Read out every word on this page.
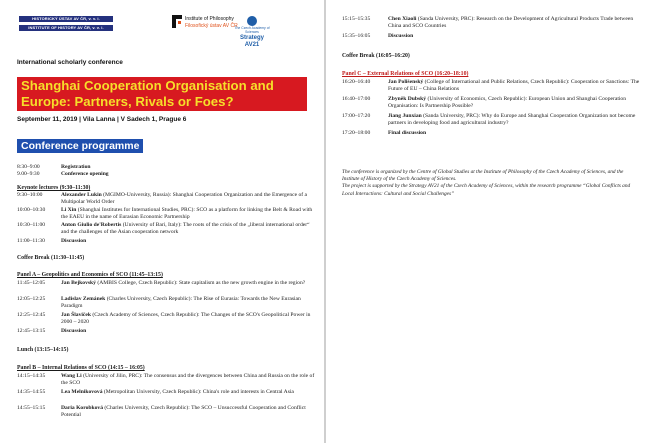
HISTORICKÝ ÚSTAV AV ČR, v. v. i.
INSTITUTE OF HISTORY AV ČR, v. v. i.
Institute of Philosophy
Filosofický ústav AV ČR
The Czech Academy of Sciences
Strategy AV21
International scholarly conference
Shanghai Cooperation Organisation and Europe: Partners, Rivals or Foes?
September 11, 2019 | Vila Lanna | V Sadech 1, Prague 6
Conference programme
8:30–9:00	Registration
9.00–9:30	Conference opening
Keynote lectures (9:30–11:30)
9:30–10:00	Alexander Lukin (MGIMO-University, Russia): Shanghai Cooperation Organization and the Emergence of a Multipolar World Order
10:00–10:30	Li Xin (Shanghai Institutes for International Studies, PRC): SCO as a platform for linking the Belt & Road with the EAEU in the name of Eurasian Economic Partnership
10:30–11:00	Anton Giulio de'Robertis (University of Bari, Italy): The roots of the crisis of the „liberal international order“ and the challenges of the Asian cooperation network
11:00–11:30	Discussion
Coffee Break (11:30–11:45)
Panel A – Geopolitics and Economics of SCO (11:45–13:15)
11:45–12:05	Jan Bejkovský (AMBIS College, Czech Republic): State capitalism as the new growth engine in the region?
12:05–12:25	Ladislav Zemánek (Charles University, Czech Republic): The Rise of Eurasia: Towards the New Eurasian Paradigm
12:25–12:45	Jan Šlaviček (Czech Academy of Sciences, Czech Republic): The Changes of the SCO's Geopolitical Power in 2000 – 2020
12:45–13:15	Discussion
Lunch (13:15–14:15)
Panel B – Internal Relations of SCO (14:15 – 16:05)
14:15–14:35	Wang Li (University of Jilin, PRC): The consensus and the divergences between China and Russia on the role of the SCO
14:35–14:55	Lea Melnikovová (Metropolitan University, Czech Republic): China's role and interests in Central Asia
14:55–15:15	Daria Korobková (Charles University, Czech Republic): The SCO – Unsuccessful Cooperation and Conflict Potential
15:15–15:35	Chen Xiaoli (Sanda University, PRC): Research on the Development of Agricultural Products Trade between China and SCO Countries
15:35–16:05	Discussion
Coffee Break (16:05–16:20)
Panel C – External Relations of SCO (16:20–18:10)
16:20–16:40	Jan Polišenský (College of International and Public Relations, Czech Republic): Cooperation or Sanctions: The Future of EU – China Relations
16:40–17:00	Zbyněk Dubský (University of Economics, Czech Republic): European Union and Shanghai Cooperation Organisation: Is Partnership Possible?
17:00–17:20	Jiang Junxian (Sanda University, PRC): Why do Europe and Shanghai Cooperation Organization not become partners in developing food and agricultural industry?
17:20–18:00	Final discussion
The conference is organized by the Centre of Global Studies at the Institute of Philosophy of the Czech Academy of Sciences, and the Institute of History of the Czech Academy of Sciences.
The project is supported by the Strategy AV21 of the Czech Academy of Sciences, within the research programme “Global Conflicts and Local Interactions: Cultural and Social Challenges”
